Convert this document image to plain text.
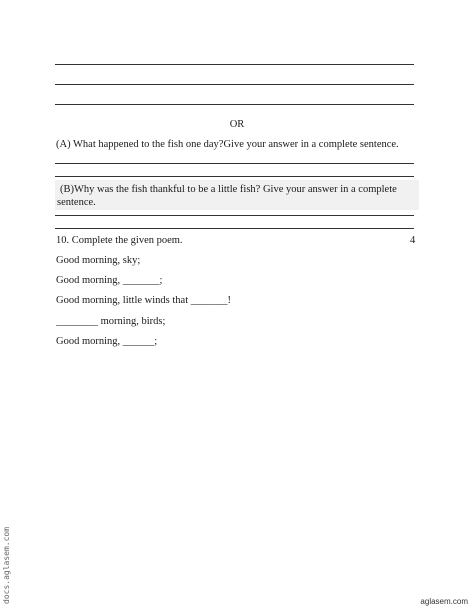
OR
(A) What happened to the fish one day?Give your answer in a complete sentence.
(B)Why was the fish thankful to be a little fish? Give your answer in a complete
sentence.
10. Complete the given poem.	4
Good morning, sky;
Good morning, _______;
Good morning, little winds that _______!
________ morning, birds;
Good morning, ______;
docs.aglasem.com	aglasem.com
